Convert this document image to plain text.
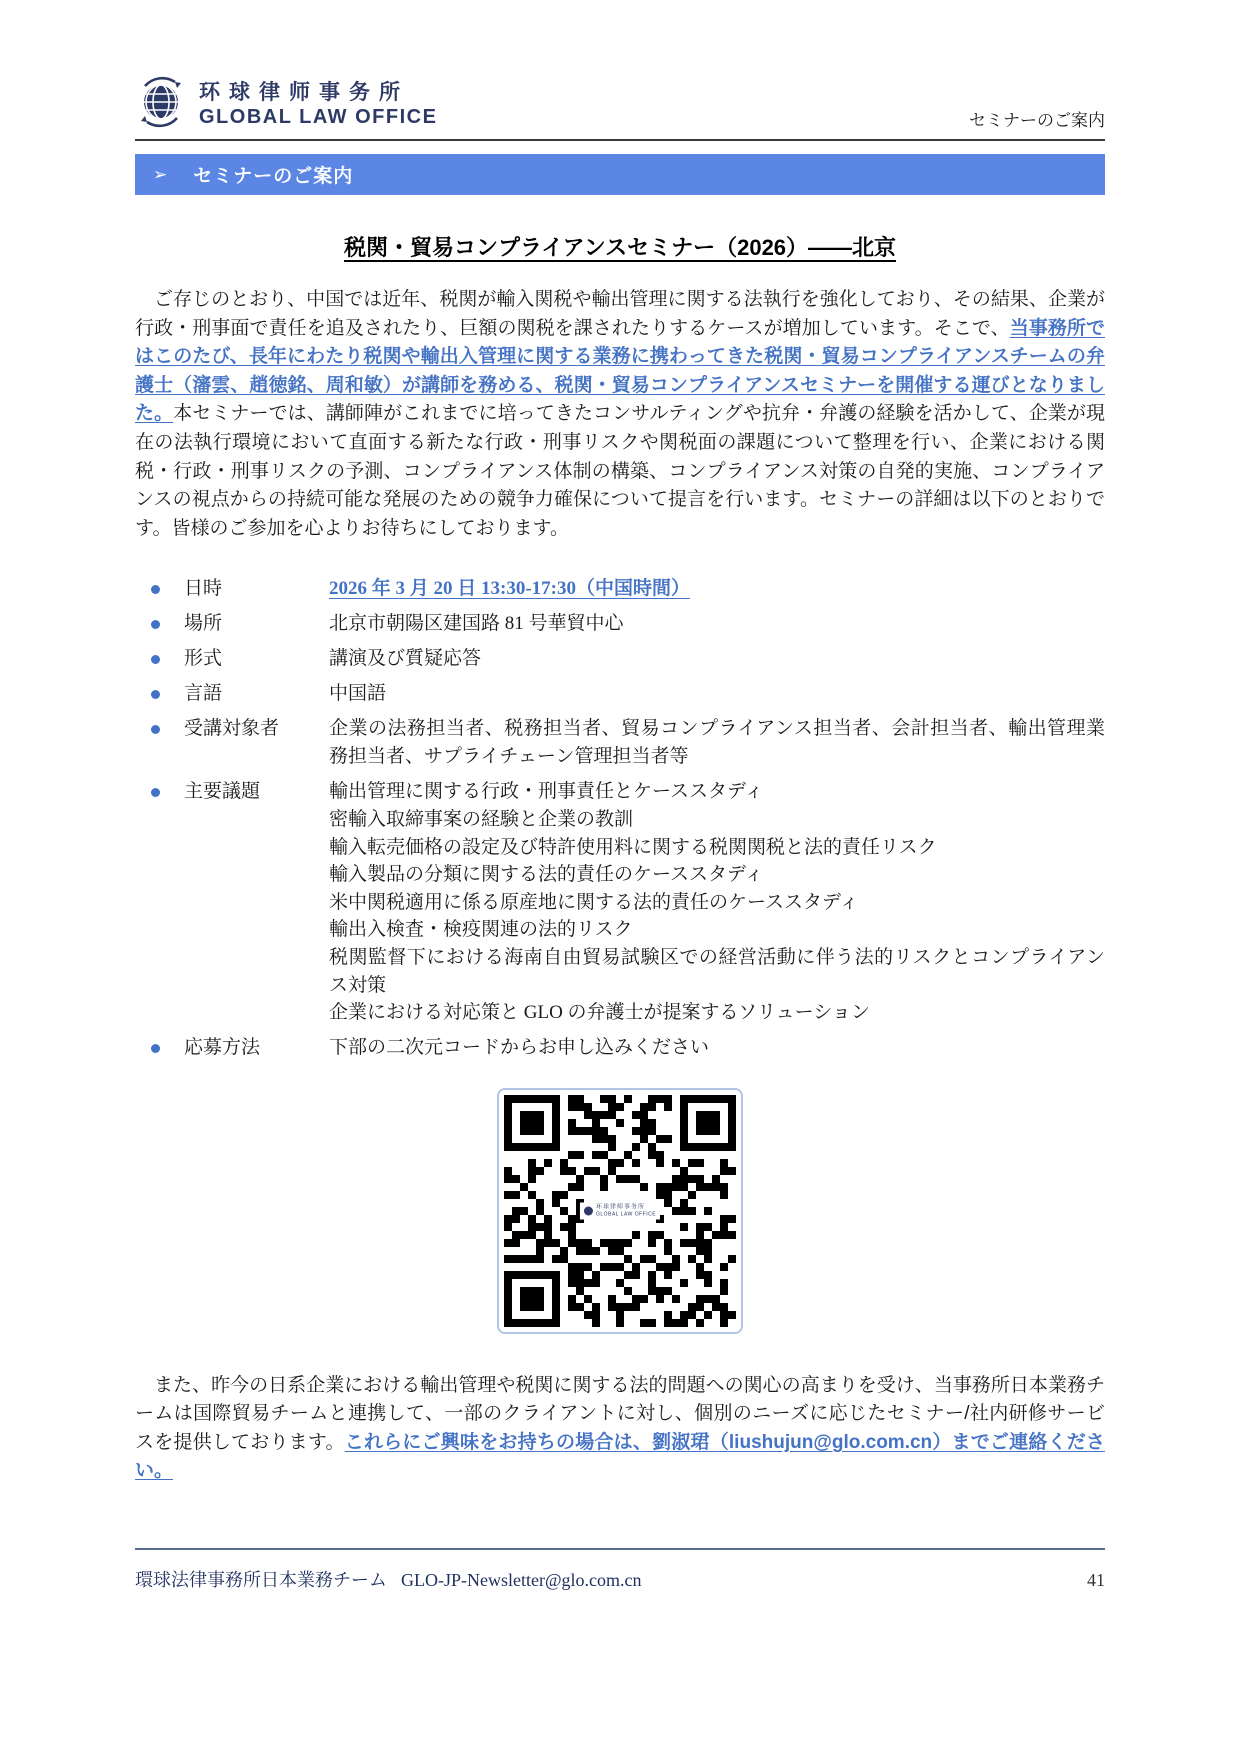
环球律师事务所
GLOBAL LAW OFFICE	セミナーのご案内
➢ セミナーのご案内
税関・貿易コンプライアンスセミナー（2026）——北京
　ご存じのとおり、中国では近年、税関が輸入関税や輸出管理に関する法執行を強化しており、その結果、企業が行政・刑事面で責任を追及されたり、巨額の関税を課されたりするケースが増加しています。そこで、当事務所ではこのたび、長年にわたり税関や輸出入管理に関する業務に携わってきた税関・貿易コンプライアンスチームの弁護士（瀋雲、趙徳銘、周和敏）が講師を務める、税関・貿易コンプライアンスセミナーを開催する運びとなりました。本セミナーでは、講師陣がこれまでに培ってきたコンサルティングや抗弁・弁護の経験を活かして、企業が現在の法執行環境において直面する新たな行政・刑事リスクや関税面の課題について整理を行い、企業における関税・行政・刑事リスクの予測、コンプライアンス体制の構築、コンプライアンス対策の自発的実施、コンプライアンスの視点からの持続可能な発展のための競争力確保について提言を行います。セミナーの詳細は以下のとおりです。皆様のご参加を心よりお待ちにしております。
日時	2026 年 3 月 20 日 13:30-17:30（中国時間）
場所	北京市朝陽区建国路 81 号華貿中心
形式	講演及び質疑応答
言語	中国語
受講対象者	企業の法務担当者、税務担当者、貿易コンプライアンス担当者、会計担当者、輸出管理業務担当者、サプライチェーン管理担当者等
主要議題	輸出管理に関する行政・刑事責任とケーススタディ
密輸入取締事案の経験と企業の教訓
輸入転売価格の設定及び特許使用料に関する税関関税と法的責任リスク
輸入製品の分類に関する法的責任のケーススタディ
米中関税適用に係る原産地に関する法的責任のケーススタディ
輸出入検査・検疫関連の法的リスク
税関監督下における海南自由貿易試験区での経営活動に伴う法的リスクとコンプライアンス対策
企業における対応策と GLO の弁護士が提案するソリューション
応募方法	下部の二次元コードからお申し込みください
环球律师事务所
GLOBAL LAW OFFICE
　また、昨今の日系企業における輸出管理や税関に関する法的問題への関心の高まりを受け、当事務所日本業務チームは国際貿易チームと連携して、一部のクライアントに対し、個別のニーズに応じたセミナー/社内研修サービスを提供しております。これらにご興味をお持ちの場合は、劉淑珺（liushujun@glo.com.cn）までご連絡ください。
環球法律事務所日本業務チーム GLO-JP-Newsletter@glo.com.cn	41
